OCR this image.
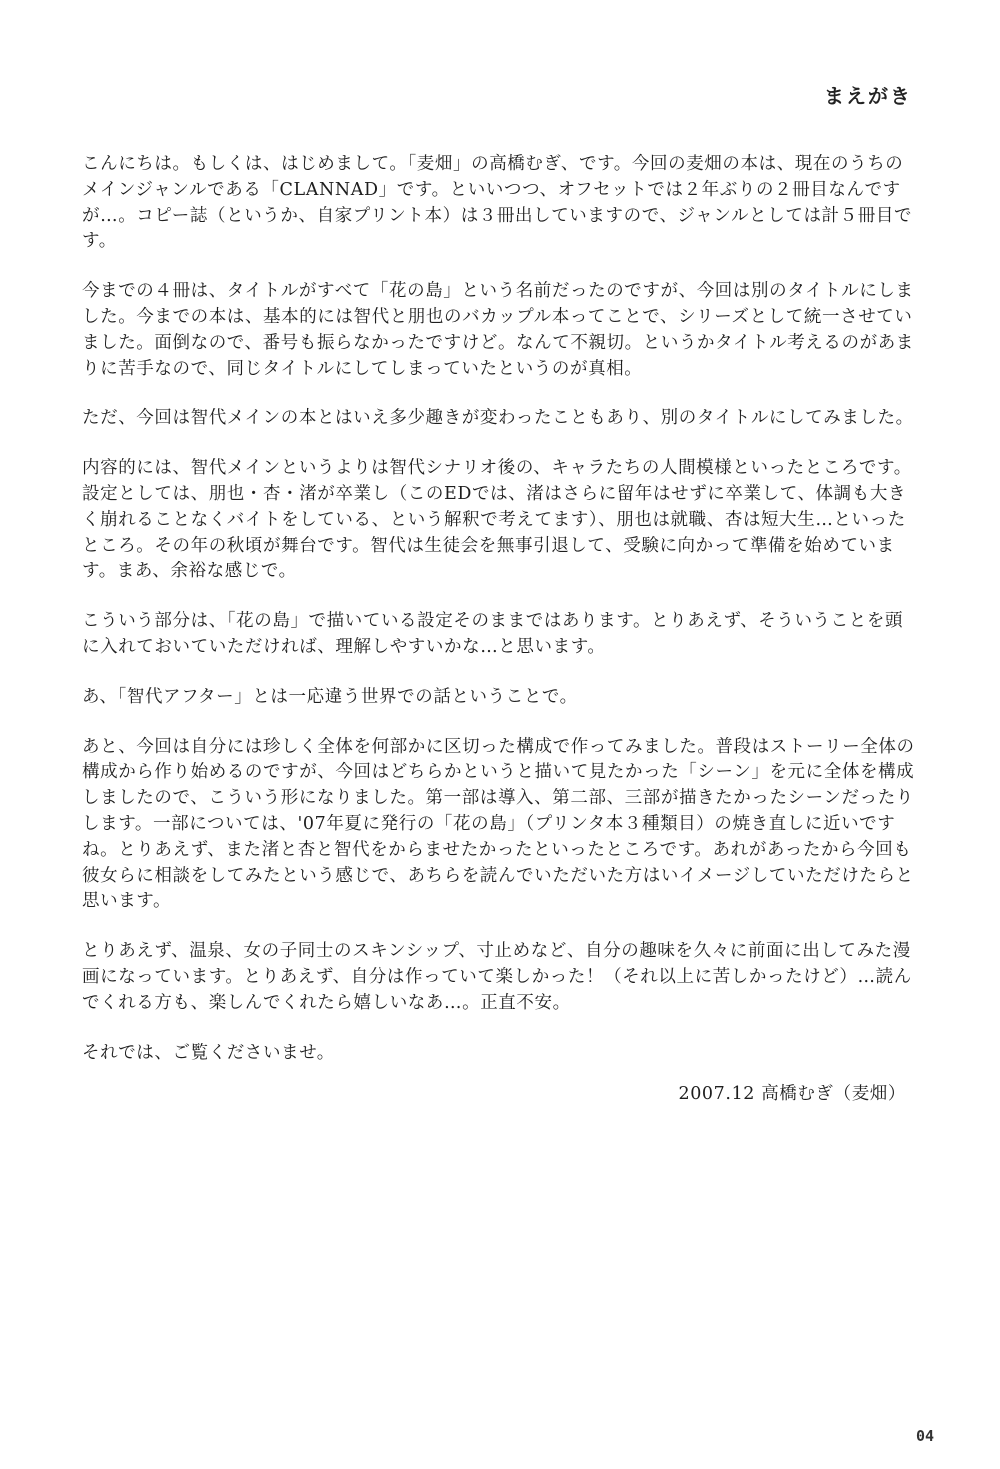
まえがき

こんにちは。もしくは、はじめまして。「麦畑」の高橋むぎ、です。今回の麦畑の本は、現在のうちのメインジャンルである「CLANNAD」です。といいつつ、オフセットでは２年ぶりの２冊目なんですが…。コピー誌（というか、自家プリント本）は３冊出していますので、ジャンルとしては計５冊目です。

今までの４冊は、タイトルがすべて「花の島」という名前だったのですが、今回は別のタイトルにしました。今までの本は、基本的には智代と朋也のバカップル本ってことで、シリーズとして統一させていました。面倒なので、番号も振らなかったですけど。なんて不親切。というかタイトル考えるのがあまりに苦手なので、同じタイトルにしてしまっていたというのが真相。

ただ、今回は智代メインの本とはいえ多少趣きが変わったこともあり、別のタイトルにしてみました。

内容的には、智代メインというよりは智代シナリオ後の、キャラたちの人間模様といったところです。設定としては、朋也・杏・渚が卒業し（このEDでは、渚はさらに留年はせずに卒業して、体調も大きく崩れることなくバイトをしている、という解釈で考えてます）、朋也は就職、杏は短大生…といったところ。その年の秋頃が舞台です。智代は生徒会を無事引退して、受験に向かって準備を始めています。まあ、余裕な感じで。

こういう部分は、「花の島」で描いている設定そのままではあります。とりあえず、そういうことを頭に入れておいていただければ、理解しやすいかな…と思います。

あ、「智代アフター」とは一応違う世界での話ということで。

あと、今回は自分には珍しく全体を何部かに区切った構成で作ってみました。普段はストーリー全体の構成から作り始めるのですが、今回はどちらかというと描いて見たかった「シーン」を元に全体を構成しましたので、こういう形になりました。第一部は導入、第二部、三部が描きたかったシーンだったりします。一部については、'07年夏に発行の「花の島」（プリンタ本３種類目）の焼き直しに近いですね。とりあえず、また渚と杏と智代をからませたかったといったところです。あれがあったから今回も彼女らに相談をしてみたという感じで、あちらを読んでいただいた方はいイメージしていただけたらと思います。

とりあえず、温泉、女の子同士のスキンシップ、寸止めなど、自分の趣味を久々に前面に出してみた漫画になっています。とりあえず、自分は作っていて楽しかった！（それ以上に苦しかったけど）…読んでくれる方も、楽しんでくれたら嬉しいなあ…。正直不安。

それでは、ご覧くださいませ。

2007.12 高橋むぎ（麦畑）
04
